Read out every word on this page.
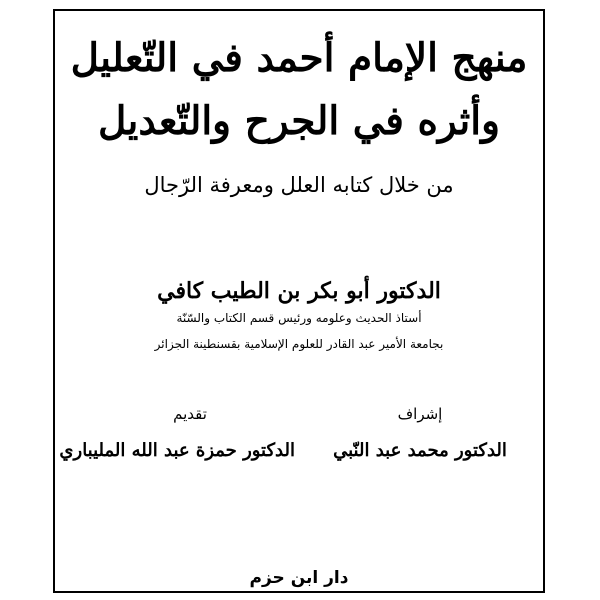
منهج الإمام أحمد في التّعليل
وأثره في الجرح والتّعديل
من خلال كتابه العلل ومعرفة الرّجال
الدكتور أبو بكر بن الطيب كافي
أستاذ الحديث وعلومه ورئيس قسم الكتاب والسّنّة
بجامعة الأمير عبد القادر للعلوم الإسلامية بقسنطينة الجزائر
إشراف
الدكتور محمد عبد النّبي
تقديم
الدكتور حمزة عبد الله المليباري
دار ابن حزم
